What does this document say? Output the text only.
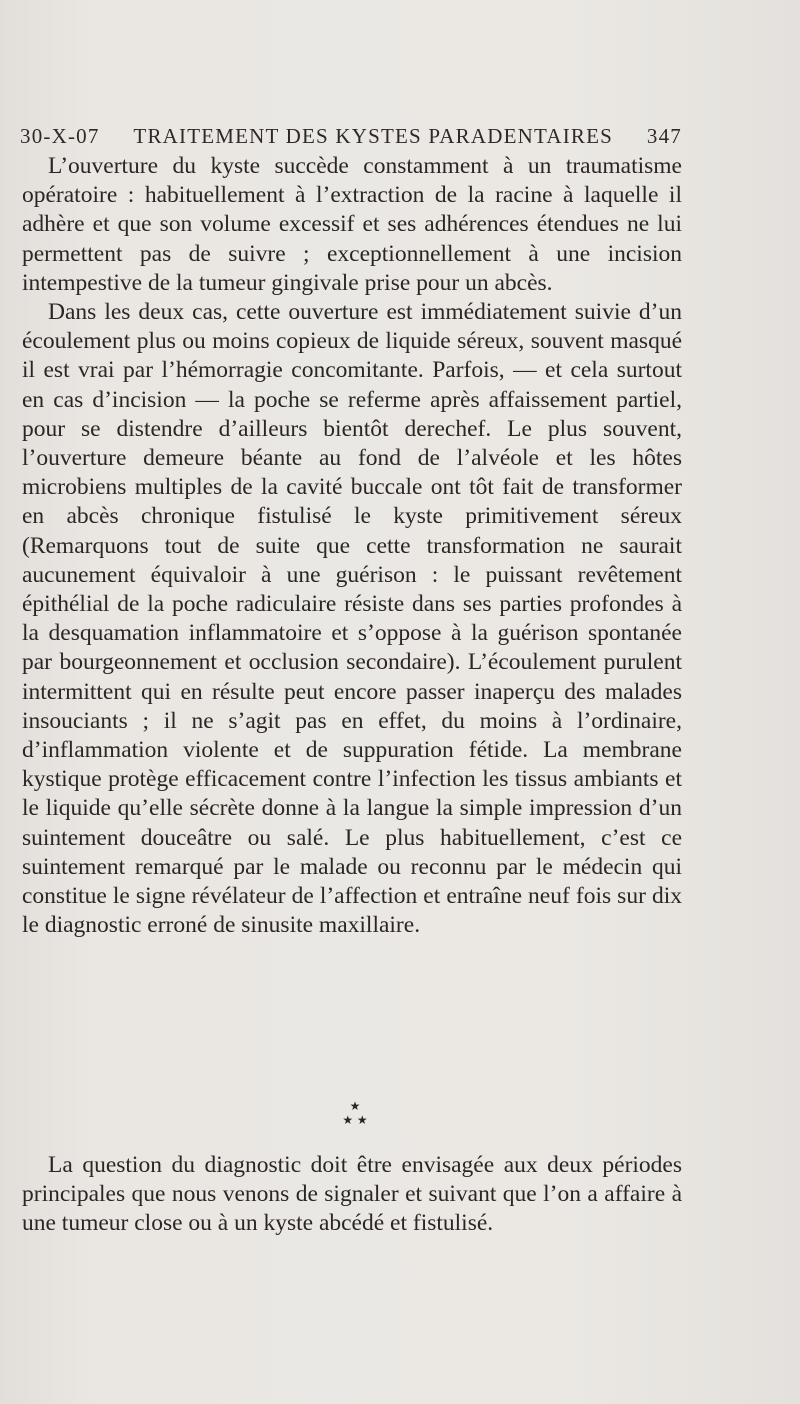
30-X-07 TRAITEMENT DES KYSTES PARADENTAIRES 347

L’ouverture du kyste succède constamment à un traumatisme opératoire : habituellement à l’extraction de la racine à laquelle il adhère et que son volume excessif et ses adhérences étendues ne lui permettent pas de suivre ; exceptionnellement à une incision intempestive de la tumeur gingivale prise pour un abcès.

Dans les deux cas, cette ouverture est immédiatement suivie d’un écoulement plus ou moins copieux de liquide séreux, souvent masqué il est vrai par l’hémorragie concomitante. Parfois, — et cela surtout en cas d’incision — la poche se referme après affaissement partiel, pour se distendre d’ailleurs bientôt derechef. Le plus souvent, l’ouverture demeure béante au fond de l’alvéole et les hôtes microbiens multiples de la cavité buccale ont tôt fait de transformer en abcès chronique fistulisé le kyste primitivement séreux (Remarquons tout de suite que cette transformation ne saurait aucunement équivaloir à une guérison : le puissant revêtement épithélial de la poche radiculaire résiste dans ses parties profondes à la desquamation inflammatoire et s’oppose à la guérison spontanée par bourgeonnement et occlusion secondaire). L’écoulement purulent intermittent qui en résulte peut encore passer inaperçu des malades insouciants ; il ne s’agit pas en effet, du moins à l’ordinaire, d’inflammation violente et de suppuration fétide. La membrane kystique protège efficacement contre l’infection les tissus ambiants et le liquide qu’elle sécrète donne à la langue la simple impression d’un suintement douceâtre ou salé. Le plus habituellement, c’est ce suintement remarqué par le malade ou reconnu par le médecin qui constitue le signe révélateur de l’affection et entraîne neuf fois sur dix le diagnostic erroné de sinusite maxillaire.

★
★ ★

La question du diagnostic doit être envisagée aux deux périodes principales que nous venons de signaler et suivant que l’on a affaire à une tumeur close ou à un kyste abcédé et fistulisé.
